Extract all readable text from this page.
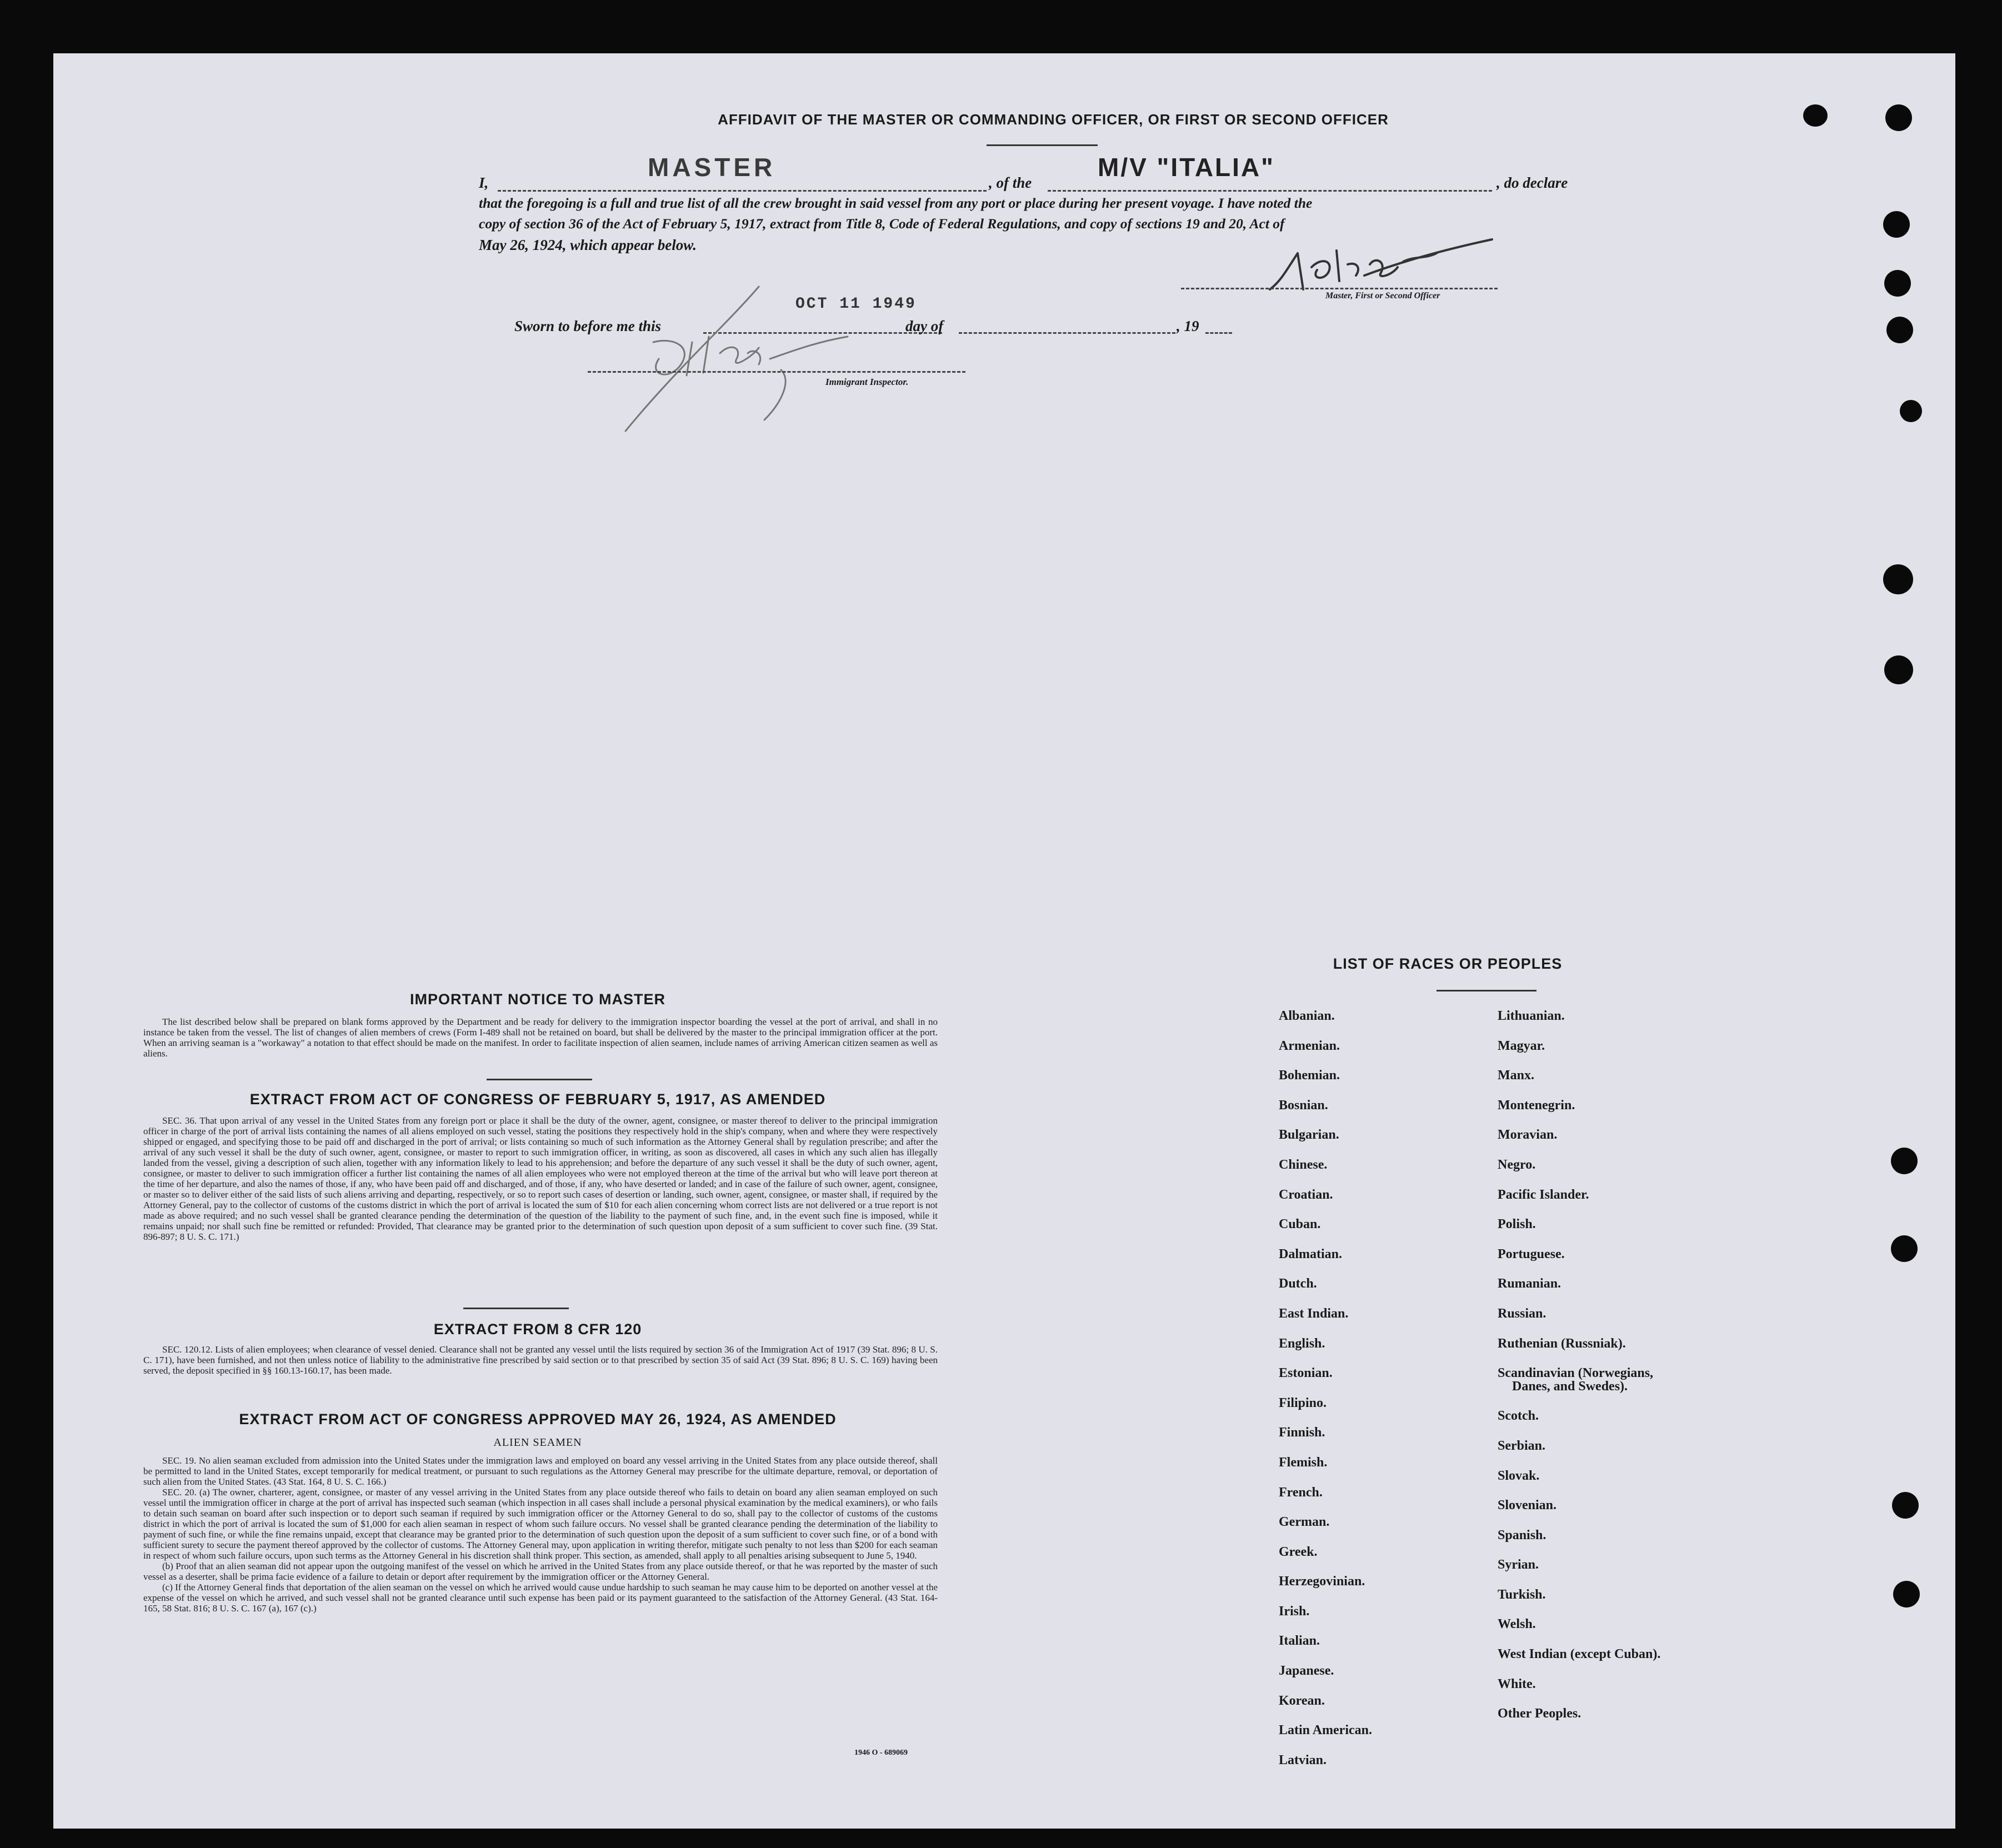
AFFIDAVIT OF THE MASTER OR COMMANDING OFFICER, OR FIRST OR SECOND OFFICER
I,
MASTER
, of the
M/V "ITALIA"
, do declare
that the foregoing is a full and true list of all the crew brought in said vessel from any port or place during her present voyage. I have noted the
copy of section 36 of the Act of February 5, 1917, extract from Title 8, Code of Federal Regulations, and copy of sections 19 and 20, Act of
May 26, 1924, which appear below.
Master, First or Second Officer
Sworn to before me this
OCT 11 1949
day of	, 19
Immigrant Inspector.
IMPORTANT NOTICE TO MASTER

The list described below shall be prepared on blank forms approved by the Department and be ready for delivery to the immigration inspector boarding the vessel at the port of arrival, and shall in no instance be taken from the vessel. The list of changes of alien members of crews (Form I-489 shall not be retained on board, but shall be delivered by the master to the principal immigration officer at the port. When an arriving seaman is a "workaway" a notation to that effect should be made on the manifest. In order to facilitate inspection of alien seamen, include names of arriving American citizen seamen as well as aliens.

EXTRACT FROM ACT OF CONGRESS OF FEBRUARY 5, 1917, AS AMENDED

SEC. 36. That upon arrival of any vessel in the United States from any foreign port or place it shall be the duty of the owner, agent, consignee, or master thereof to deliver to the principal immigration officer in charge of the port of arrival lists containing the names of all aliens employed on such vessel, stating the positions they respectively hold in the ship's company, when and where they were respectively shipped or engaged, and specifying those to be paid off and discharged in the port of arrival; or lists containing so much of such information as the Attorney General shall by regulation prescribe; and after the arrival of any such vessel it shall be the duty of such owner, agent, consignee, or master to report to such immigration officer, in writing, as soon as discovered, all cases in which any such alien has illegally landed from the vessel, giving a description of such alien, together with any information likely to lead to his apprehension; and before the departure of any such vessel it shall be the duty of such owner, agent, consignee, or master to deliver to such immigration officer a further list containing the names of all alien employees who were not employed thereon at the time of the arrival but who will leave port thereon at the time of her departure, and also the names of those, if any, who have been paid off and discharged, and of those, if any, who have deserted or landed; and in case of the failure of such owner, agent, consignee, or master so to deliver either of the said lists of such aliens arriving and departing, respectively, or so to report such cases of desertion or landing, such owner, agent, consignee, or master shall, if required by the Attorney General, pay to the collector of customs of the customs district in which the port of arrival is located the sum of $10 for each alien concerning whom correct lists are not delivered or a true report is not made as above required; and no such vessel shall be granted clearance pending the determination of the question of the liability to the payment of such fine, and, in the event such fine is imposed, while it remains unpaid; nor shall such fine be remitted or refunded: Provided, That clearance may be granted prior to the determination of such question upon deposit of a sum sufficient to cover such fine. (39 Stat. 896-897; 8 U. S. C. 171.)

EXTRACT FROM 8 CFR 120

SEC. 120.12. Lists of alien employees; when clearance of vessel denied. Clearance shall not be granted any vessel until the lists required by section 36 of the Immigration Act of 1917 (39 Stat. 896; 8 U. S. C. 171), have been furnished, and not then unless notice of liability to the administrative fine prescribed by said section or to that prescribed by section 35 of said Act (39 Stat. 896; 8 U. S. C. 169) having been served, the deposit specified in §§ 160.13-160.17, has been made.

EXTRACT FROM ACT OF CONGRESS APPROVED MAY 26, 1924, AS AMENDED
ALIEN SEAMEN

SEC. 19. No alien seaman excluded from admission into the United States under the immigration laws and employed on board any vessel arriving in the United States from any place outside thereof, shall be permitted to land in the United States, except temporarily for medical treatment, or pursuant to such regulations as the Attorney General may prescribe for the ultimate departure, removal, or deportation of such alien from the United States. (43 Stat. 164, 8 U. S. C. 166.)

SEC. 20. (a) The owner, charterer, agent, consignee, or master of any vessel arriving in the United States from any place outside thereof who fails to detain on board any alien seaman employed on such vessel until the immigration officer in charge at the port of arrival has inspected such seaman (which inspection in all cases shall include a personal physical examination by the medical examiners), or who fails to detain such seaman on board after such inspection or to deport such seaman if required by such immigration officer or the Attorney General to do so, shall pay to the collector of customs of the customs district in which the port of arrival is located the sum of $1,000 for each alien seaman in respect of whom such failure occurs. No vessel shall be granted clearance pending the determination of the liability to payment of such fine, or while the fine remains unpaid, except that clearance may be granted prior to the determination of such question upon the deposit of a sum sufficient to cover such fine, or of a bond with sufficient surety to secure the payment thereof approved by the collector of customs. The Attorney General may, upon application in writing therefor, mitigate such penalty to not less than $200 for each seaman in respect of whom such failure occurs, upon such terms as the Attorney General in his discretion shall think proper. This section, as amended, shall apply to all penalties arising subsequent to June 5, 1940.

(b) Proof that an alien seaman did not appear upon the outgoing manifest of the vessel on which he arrived in the United States from any place outside thereof, or that he was reported by the master of such vessel as a deserter, shall be prima facie evidence of a failure to detain or deport after requirement by the immigration officer or the Attorney General.

(c) If the Attorney General finds that deportation of the alien seaman on the vessel on which he arrived would cause undue hardship to such seaman he may cause him to be deported on another vessel at the expense of the vessel on which he arrived, and such vessel shall not be granted clearance until such expense has been paid or its payment guaranteed to the satisfaction of the Attorney General. (43 Stat. 164-165, 58 Stat. 816; 8 U. S. C. 167 (a), 167 (c).)

1946 O - 689069
LIST OF RACES OR PEOPLES
Albanian.
Armenian.
Bohemian.
Bosnian.
Bulgarian.
Chinese.
Croatian.
Cuban.
Dalmatian.
Dutch.
East Indian.
English.
Estonian.
Filipino.
Finnish.
Flemish.
French.
German.
Greek.
Herzegovinian.
Irish.
Italian.
Japanese.
Korean.
Latin American.
Latvian.
Lithuanian.
Magyar.
Manx.
Montenegrin.
Moravian.
Negro.
Pacific Islander.
Polish.
Portuguese.
Rumanian.
Russian.
Ruthenian (Russniak).
Scandinavian (Norwegians,
Danes, and Swedes).
Scotch.
Serbian.
Slovak.
Slovenian.
Spanish.
Syrian.
Turkish.
Welsh.
West Indian (except Cuban).
White.
Other Peoples.
